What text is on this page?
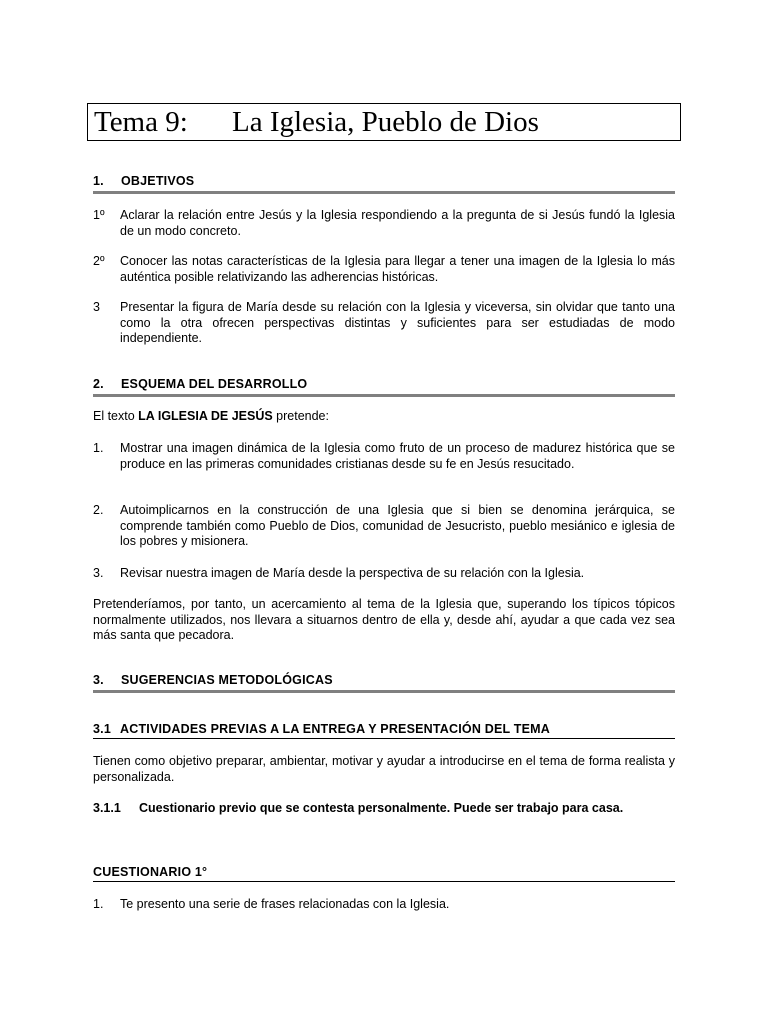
Tema 9: La Iglesia, Pueblo de Dios
1. OBJETIVOS
1º Aclarar la relación entre Jesús y la Iglesia respondiendo a la pregunta de si Jesús fundó la Iglesia de un modo concreto.
2º Conocer las notas características de la Iglesia para llegar a tener una imagen de la Iglesia lo más auténtica posible relativizando las adherencias históricas.
3 Presentar la figura de María desde su relación con la Iglesia y viceversa, sin olvidar que tanto una como la otra ofrecen perspectivas distintas y suficientes para ser estudiadas de modo independiente.
2. ESQUEMA DEL DESARROLLO
El texto LA IGLESIA DE JESÚS pretende:
1. Mostrar una imagen dinámica de la Iglesia como fruto de un proceso de madurez histórica que se produce en las primeras comunidades cristianas desde su fe en Jesús resucitado.
2. Autoimplicarnos en la construcción de una Iglesia que si bien se denomina jerárquica, se comprende también como Pueblo de Dios, comunidad de Jesucristo, pueblo mesiánico e iglesia de los pobres y misionera.
3. Revisar nuestra imagen de María desde la perspectiva de su relación con la Iglesia.
Pretenderíamos, por tanto, un acercamiento al tema de la Iglesia que, superando los típicos tópicos normalmente utilizados, nos llevara a situarnos dentro de ella y, desde ahí, ayudar a que cada vez sea más santa que pecadora.
3. SUGERENCIAS METODOLÓGICAS
3.1 ACTIVIDADES PREVIAS A LA ENTREGA Y PRESENTACIÓN DEL TEMA
Tienen como objetivo preparar, ambientar, motivar y ayudar a introducirse en el tema de forma realista y personalizada.
3.1.1 Cuestionario previo que se contesta personalmente. Puede ser trabajo para casa.
CUESTIONARIO 1°
1. Te presento una serie de frases relacionadas con la Iglesia.
